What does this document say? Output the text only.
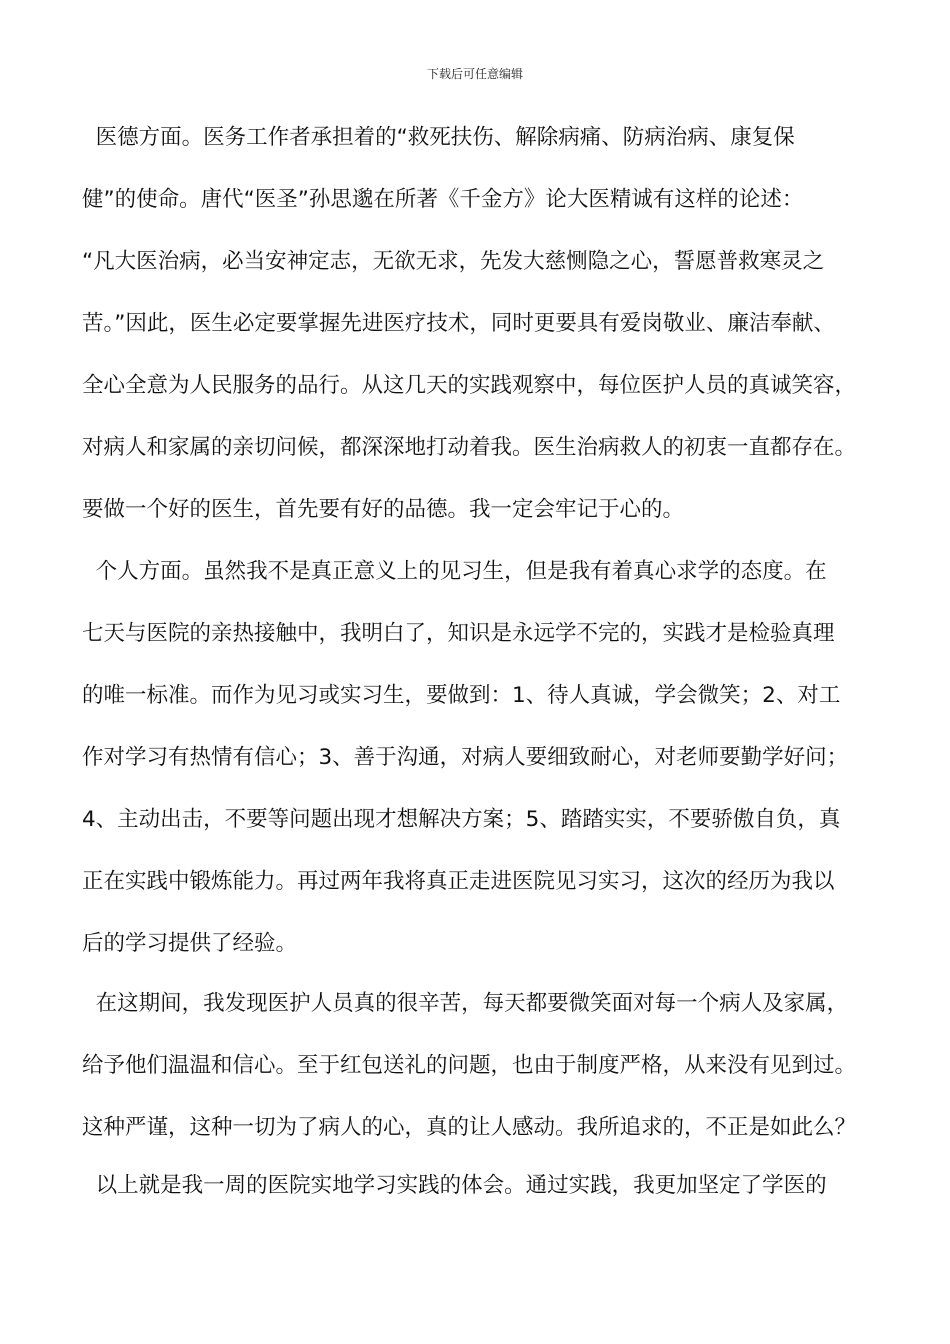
下载后可任意编辑
医德方面。医务工作者承担着的“救死扶伤、解除病痛、防病治病、康复保
健”的使命。唐代“医圣”孙思邈在所著《千金方》论大医精诚有这样的论述：
“凡大医治病，必当安神定志，无欲无求，先发大慈恻隐之心，誓愿普救寒灵之
苦。”因此，医生必定要掌握先进医疗技术，同时更要具有爱岗敬业、廉洁奉献、
全心全意为人民服务的品行。从这几天的实践观察中，每位医护人员的真诚笑容，
对病人和家属的亲切问候，都深深地打动着我。医生治病救人的初衷一直都存在。
要做一个好的医生，首先要有好的品德。我一定会牢记于心的。
个人方面。虽然我不是真正意义上的见习生，但是我有着真心求学的态度。在
七天与医院的亲热接触中，我明白了，知识是永远学不完的，实践才是检验真理
的唯一标准。而作为见习或实习生，要做到：1、待人真诚，学会微笑；2、对工
作对学习有热情有信心；3、善于沟通，对病人要细致耐心，对老师要勤学好问；
4、主动出击，不要等问题出现才想解决方案；5、踏踏实实，不要骄傲自负，真
正在实践中锻炼能力。再过两年我将真正走进医院见习实习，这次的经历为我以
后的学习提供了经验。
在这期间，我发现医护人员真的很辛苦，每天都要微笑面对每一个病人及家属，
给予他们温温和信心。至于红包送礼的问题，也由于制度严格，从来没有见到过。
这种严谨，这种一切为了病人的心，真的让人感动。我所追求的，不正是如此么？
以上就是我一周的医院实地学习实践的体会。通过实践，我更加坚定了学医的
